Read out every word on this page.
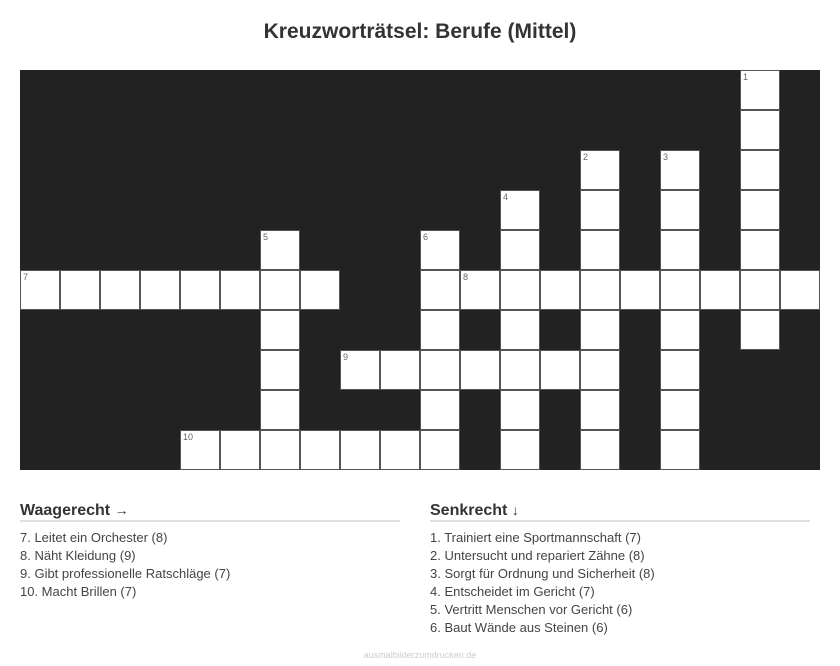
Kreuzworträtsel: Berufe (Mittel)
1
2	3
4
5	6
7	8
9
10
Waagerecht →
7. Leitet ein Orchester (8)
8. Näht Kleidung (9)
9. Gibt professionelle Ratschläge (7)
10. Macht Brillen (7)
Senkrecht ↓
1. Trainiert eine Sportmannschaft (7)
2. Untersucht und repariert Zähne (8)
3. Sorgt für Ordnung und Sicherheit (8)
4. Entscheidet im Gericht (7)
5. Vertritt Menschen vor Gericht (6)
6. Baut Wände aus Steinen (6)
ausmalbilderzumdrucken.de
